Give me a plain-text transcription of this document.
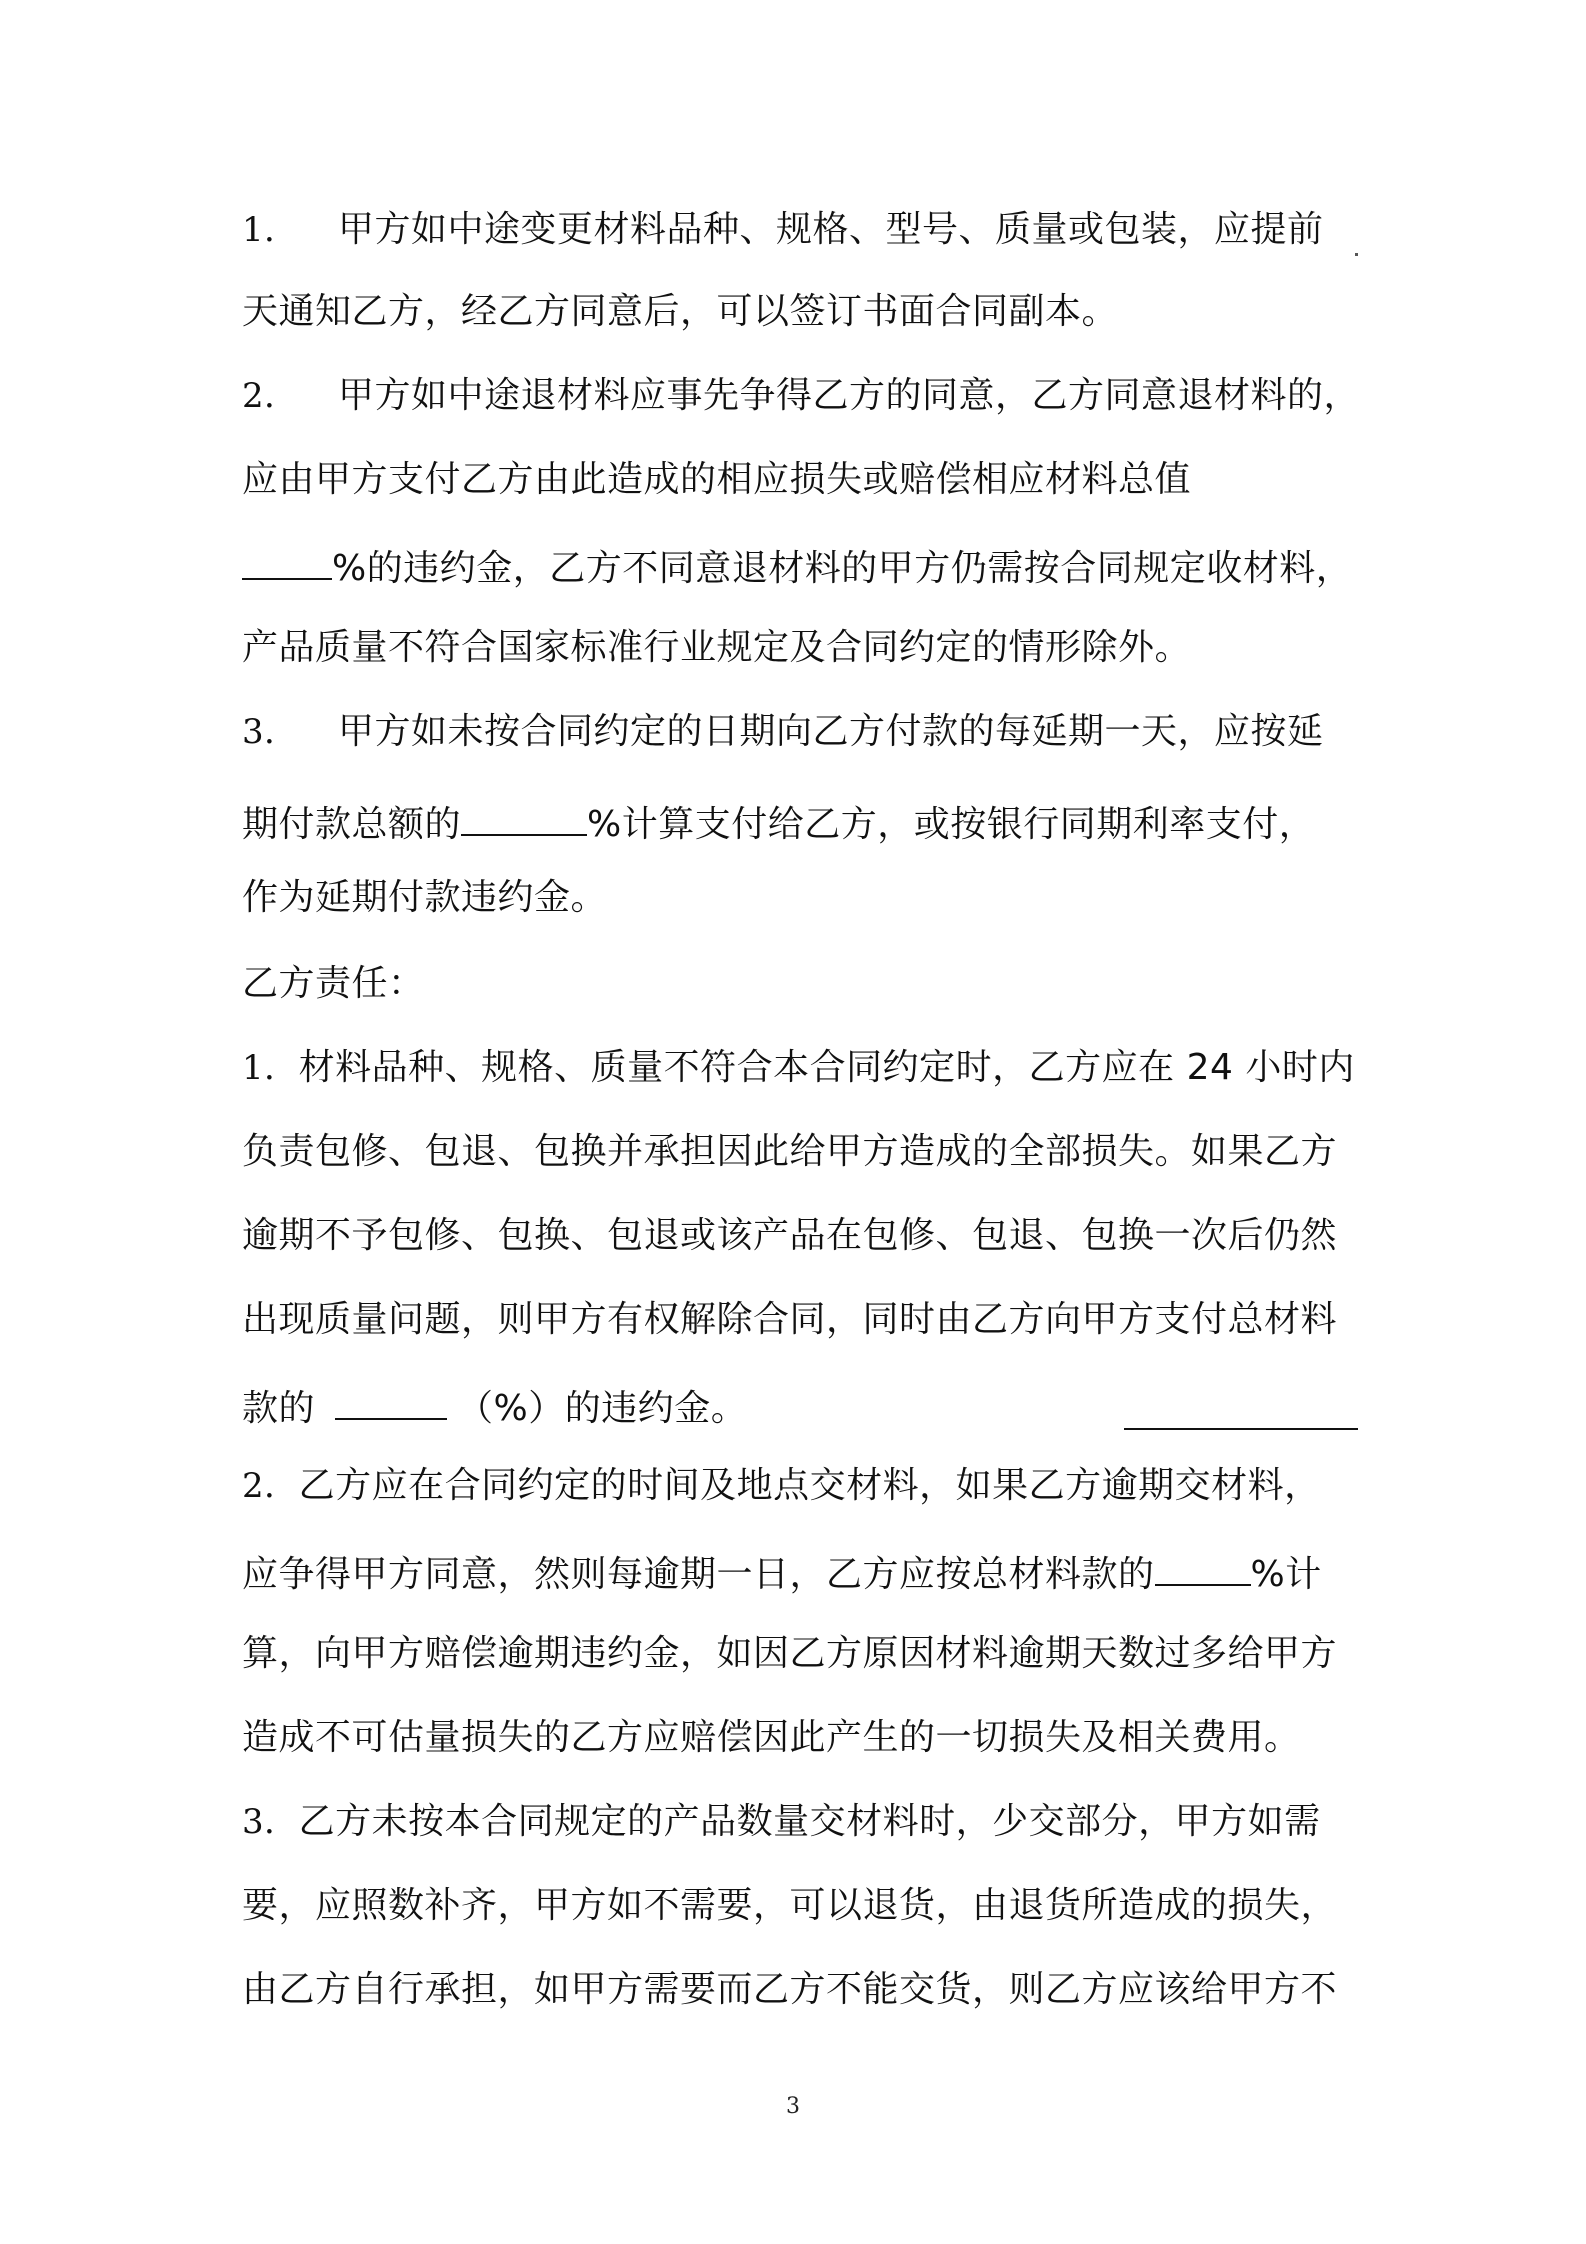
1． 甲方如中途变更材料品种、规格、型号、质量或包装，应提前
天通知乙方，经乙方同意后，可以签订书面合同副本。
2． 甲方如中途退材料应事先争得乙方的同意，乙方同意退材料的，
应由甲方支付乙方由此造成的相应损失或赔偿相应材料总值
%的违约金，乙方不同意退材料的甲方仍需按合同规定收材料，
产品质量不符合国家标准行业规定及合同约定的情形除外。
3． 甲方如未按合同约定的日期向乙方付款的每延期一天，应按延
期付款总额的	%计算支付给乙方，或按银行同期利率支付，
作为延期付款违约金。
乙方责任：
1．材料品种、规格、质量不符合本合同约定时，乙方应在 24 小时内
负责包修、包退、包换并承担因此给甲方造成的全部损失。如果乙方
逾期不予包修、包换、包退或该产品在包修、包退、包换一次后仍然
出现质量问题，则甲方有权解除合同，同时由乙方向甲方支付总材料
款的	（%）的违约金。
2．乙方应在合同约定的时间及地点交材料，如果乙方逾期交材料，
应争得甲方同意，然则每逾期一日，乙方应按总材料款的	%计
算，向甲方赔偿逾期违约金，如因乙方原因材料逾期天数过多给甲方
造成不可估量损失的乙方应赔偿因此产生的一切损失及相关费用。
3．乙方未按本合同规定的产品数量交材料时，少交部分，甲方如需
要，应照数补齐，甲方如不需要，可以退货，由退货所造成的损失，
由乙方自行承担，如甲方需要而乙方不能交货，则乙方应该给甲方不
3
